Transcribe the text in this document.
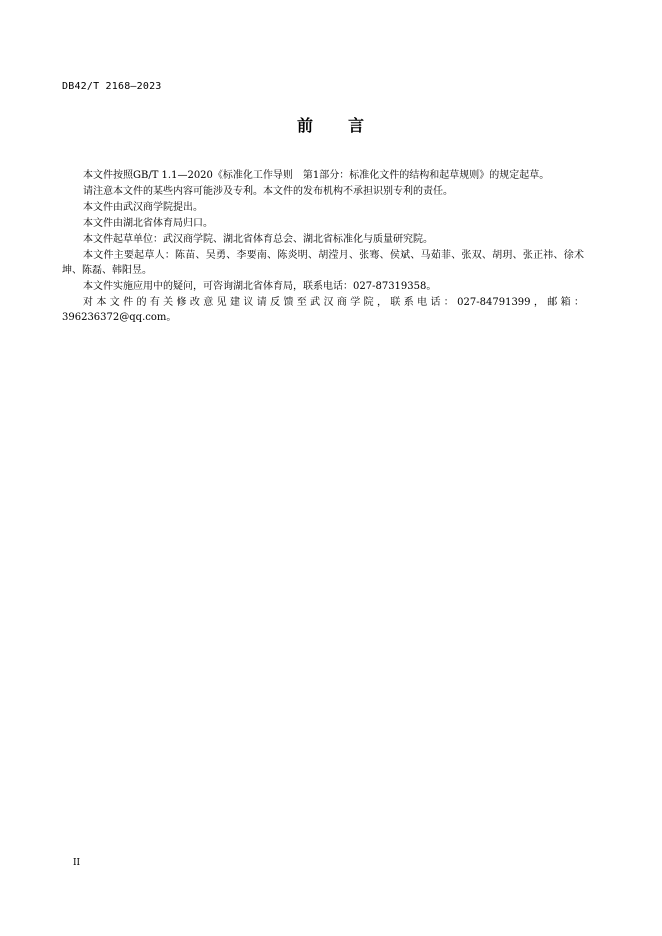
DB42/T 2168—2023
前　　言

本文件按照GB/T 1.1—2020《标准化工作导则　第1部分：标准化文件的结构和起草规则》的规定起草。

请注意本文件的某些内容可能涉及专利。本文件的发布机构不承担识别专利的责任。

本文件由武汉商学院提出。

本文件由湖北省体育局归口。

本文件起草单位：武汉商学院、湖北省体育总会、湖北省标准化与质量研究院。

本文件主要起草人：陈苗、吴勇、李要南、陈炎明、胡滢月、张骞、侯斌、马茹菲、张双、胡玥、张正祎、徐术坤、陈磊、韩阳昱。

本文件实施应用中的疑问，可咨询湖北省体育局，联系电话：027-87319358。

对本文件的有关修改意见建议请反馈至武汉商学院，联系电话：027-84791399，邮箱：396236372@qq.com。

II
